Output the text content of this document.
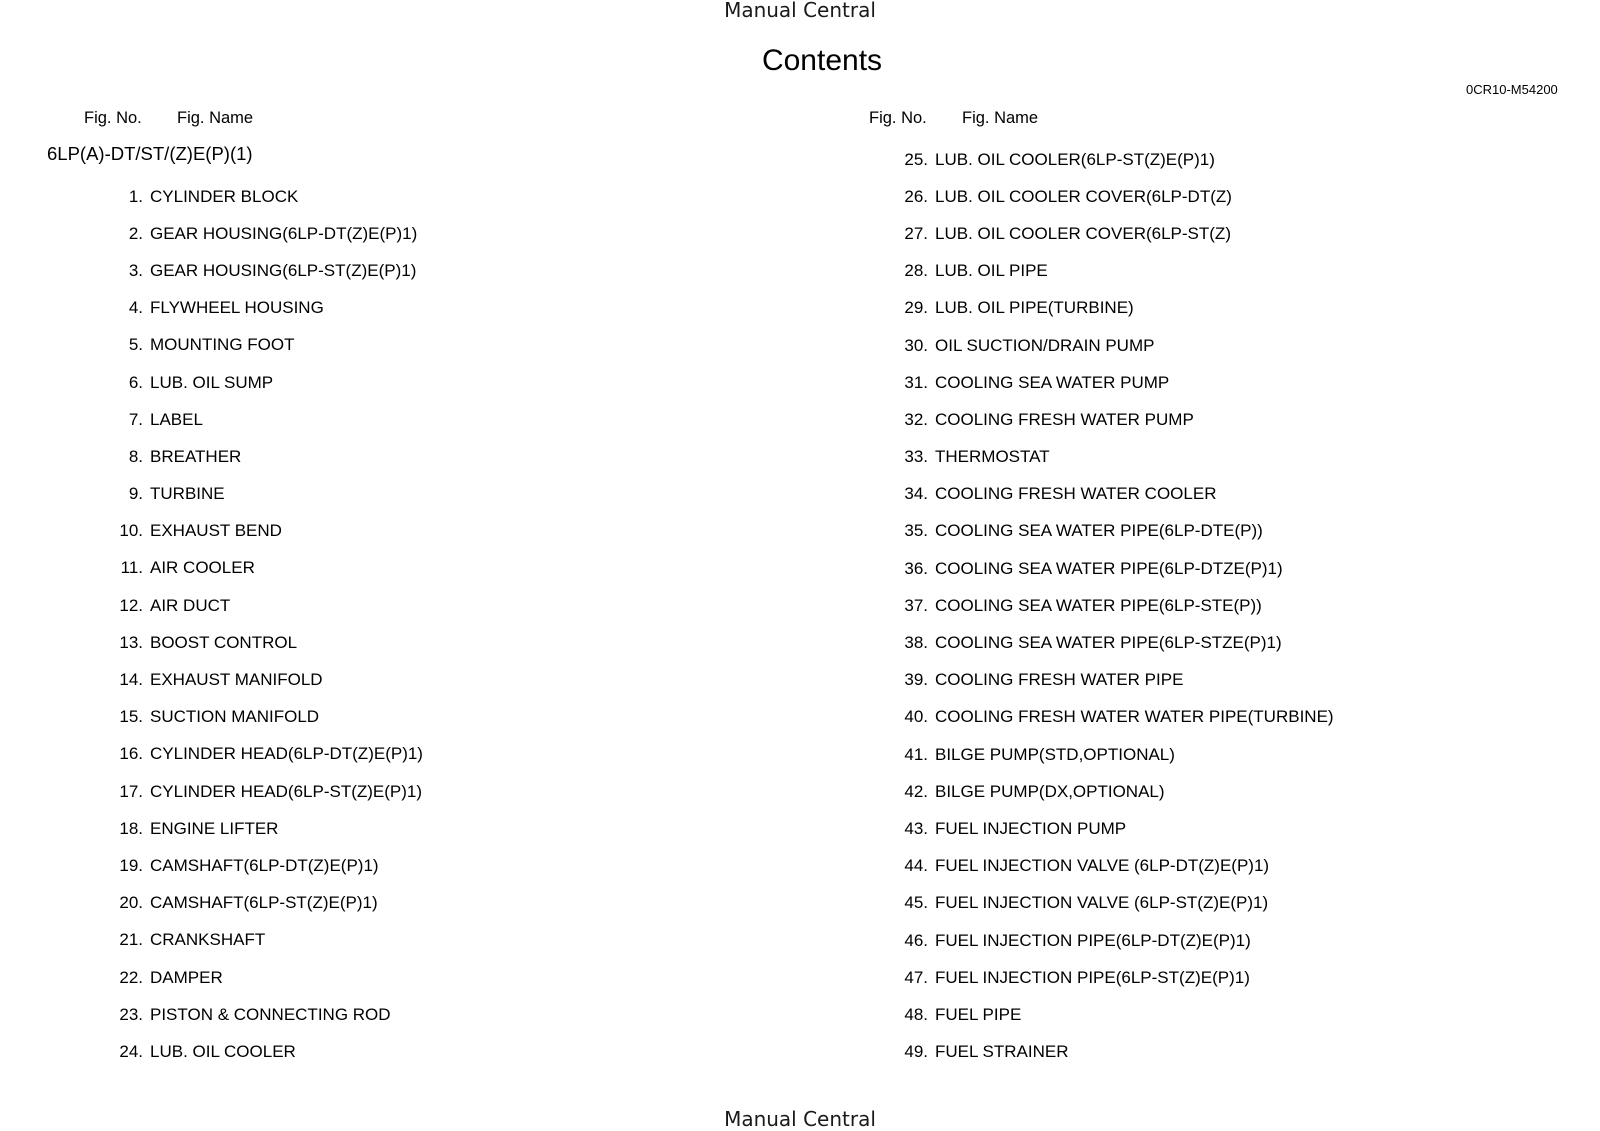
Manual Central
Contents
0CR10-M54200
Fig. No. Fig. Name	Fig. No. Fig. Name
6LP(A)-DT/ST/(Z)E(P)(1)
1. CYLINDER BLOCK
2. GEAR HOUSING(6LP-DT(Z)E(P)1)
3. GEAR HOUSING(6LP-ST(Z)E(P)1)
4. FLYWHEEL HOUSING
5. MOUNTING FOOT
6. LUB. OIL SUMP
7. LABEL
8. BREATHER
9. TURBINE
10. EXHAUST BEND
11. AIR COOLER
12. AIR DUCT
13. BOOST CONTROL
14. EXHAUST MANIFOLD
15. SUCTION MANIFOLD
16. CYLINDER HEAD(6LP-DT(Z)E(P)1)
17. CYLINDER HEAD(6LP-ST(Z)E(P)1)
18. ENGINE LIFTER
19. CAMSHAFT(6LP-DT(Z)E(P)1)
20. CAMSHAFT(6LP-ST(Z)E(P)1)
21. CRANKSHAFT
22. DAMPER
23. PISTON & CONNECTING ROD
24. LUB. OIL COOLER
25. LUB. OIL COOLER(6LP-ST(Z)E(P)1)
26. LUB. OIL COOLER COVER(6LP-DT(Z)
27. LUB. OIL COOLER COVER(6LP-ST(Z)
28. LUB. OIL PIPE
29. LUB. OIL PIPE(TURBINE)
30. OIL SUCTION/DRAIN PUMP
31. COOLING SEA WATER PUMP
32. COOLING FRESH WATER PUMP
33. THERMOSTAT
34. COOLING FRESH WATER COOLER
35. COOLING SEA WATER PIPE(6LP-DTE(P))
36. COOLING SEA WATER PIPE(6LP-DTZE(P)1)
37. COOLING SEA WATER PIPE(6LP-STE(P))
38. COOLING SEA WATER PIPE(6LP-STZE(P)1)
39. COOLING FRESH WATER PIPE
40. COOLING FRESH WATER WATER PIPE(TURBINE)
41. BILGE PUMP(STD,OPTIONAL)
42. BILGE PUMP(DX,OPTIONAL)
43. FUEL INJECTION PUMP
44. FUEL INJECTION VALVE (6LP-DT(Z)E(P)1)
45. FUEL INJECTION VALVE (6LP-ST(Z)E(P)1)
46. FUEL INJECTION PIPE(6LP-DT(Z)E(P)1)
47. FUEL INJECTION PIPE(6LP-ST(Z)E(P)1)
48. FUEL PIPE
49. FUEL STRAINER
Manual Central
